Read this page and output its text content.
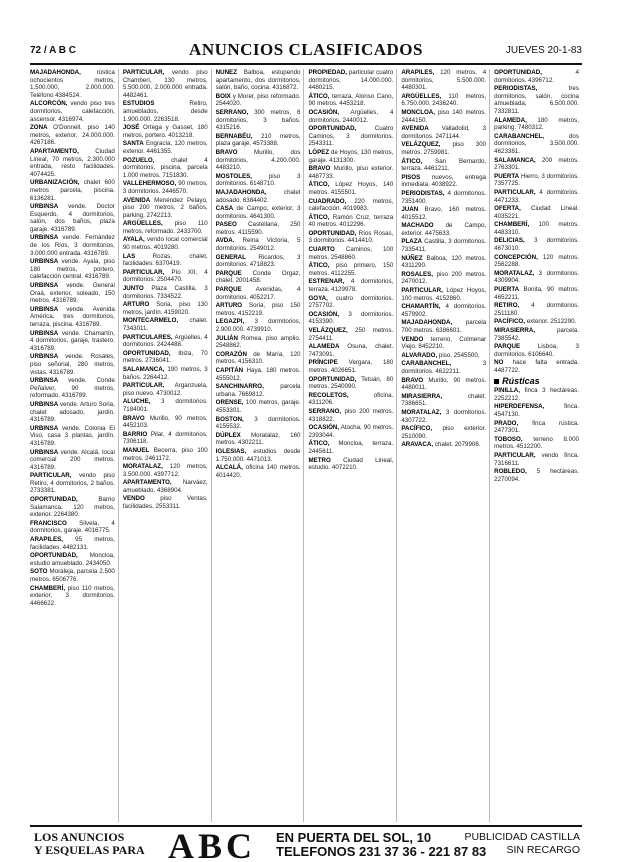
72 / A B C	ANUNCIOS CLASIFICADOS	JUEVES 20-1-83

MAJADAHONDA, rústica ochocientos metros, 1.500.000, 2.000.000. Teléfono 4384524.

ALCORCÓN, vendo piso tres dormitorios, calefacción, ascensor. 4316974.

ZONA O'Donnell, piso 140 metros, exterior, 24.000.000. 4267186.

APARTAMENTO, Ciudad Lineal, 70 metros, 2.300.000 entrada, resto facilidades. 4074425.

URBANIZACIÓN, chalet 600 metros parcela, piscina. 6136281.

URBINSA vende. Doctor Esquerdo, 4 dormitorios, salón, dos baños, plaza garaje. 4316789.

URBINSA vende. Fernández de los Ríos, 3 dormitorios, 3.000.000 entrada. 4316789.

URBINSA vende. Ayala, piso 180 metros, portero, calefacción central. 4316789.

URBINSA vende. General Oraá, exterior, soleado, 150 metros. 4316789.

URBINSA vende. Avenida América, tres dormitorios, terraza, piscina. 4316789.

URBINSA vende. Chamartín, 4 dormitorios, garaje, trastero. 4316789.

URBINSA vende. Rosales, piso señorial, 280 metros, vistas. 4316789.

URBINSA vende. Conde Peñalver, 90 metros, reformado. 4316789.

URBINSA vende. Arturo Soria, chalet adosado, jardín. 4316789.

URBINSA vende. Colonia El Viso, casa 3 plantas, jardín. 4316789.

URBINSA vende. Alcalá, local comercial 200 metros. 4316789.

PARTICULAR, vendo piso Retiro, 4 dormitorios, 2 baños. 2733381.

OPORTUNIDAD, Barrio Salamanca, 120 metros, exterior. 2264380.

FRANCISCO Silvela, 4 dormitorios, garaje. 4016775.

ARAPILES, 95 metros, facilidades. 4482131.

OPORTUNIDAD, Moncloa, estudio amueblado. 2434050.

SOTO Moraleja, parcela 2.500 metros. 6506776.

CHAMBERÍ, piso 110 metros, exterior, 3 dormitorios. 4466622.

PARTICULAR, vendo piso Chamberí, 130 metros, 5.500.000, 2.000.000 entrada. 4482461.

ESTUDIOS Retiro, amueblados, desde 1.900.000. 2263518.

JOSÉ Ortega y Gasset, 180 metros, portero. 4013218.

SANTA Engracia, 120 metros, exterior. 4461355.

POZUELO, chalet 4 dormitorios, piscina, parcela 1.000 metros. 7151830.

VALLEHERMOSO, 90 metros, 3 dormitorios. 2446570.

AVENIDA Menéndez Pelayo, piso 200 metros, 2 baños, parking. 2742213.

ARGÜELLES, piso 110 metros, reformado. 2433700.

AYALA, vendo local comercial 90 metros. 4019280.

LAS Rozas, chalet, facilidades. 6370419.

PARTICULAR, Pío XII, 4 dormitorios. 2504470.

JUNTO Plaza Castilla, 3 dormitorios. 7334522.

ARTURO Soria, piso 130 metros, jardín. 4159020.

MONTECARMELO, chalet. 7343011.

PARTICULARES, Argüelles, 4 dormitorios. 2424488.

OPORTUNIDAD, Ibiza, 70 metros. 2736041.

SALAMANCA, 190 metros, 3 baños. 2264412.

PARTICULAR, Arganzuela, piso nuevo. 4730012.

ALUCHE, 3 dormitorios. 7184001.

BRAVO Murillo, 90 metros. 4452103.

BARRIO Pilar, 4 dormitorios. 7306118.

MANUEL Becerra, piso 100 metros. 2461172.

MORATALAZ, 120 metros, 3.500.000. 4397712.

APARTAMENTO, Narváez, amueblado. 4368904.

VENDO piso Ventas, facilidades. 2553311.

NÚÑEZ Balboa, estupendo apartamento, dos dormitorios, salón, baño, cocina. 4316872.

BOIX y Morer, piso reformado. 2544020.

SERRANO, 300 metros, 6 dormitorios, 3 baños. 4315216.

BERNABÉU, 210 metros, plaza garaje. 4573388.

BRAVO Murillo, dos dormitorios, 4.200.000. 4483210.

MOSTOLES, piso 3 dormitorios. 6148710.

MAJADAHONDA, chalet adosado. 6384402.

CASA de Campo, exterior, 3 dormitorios. 4641300.

PASEO Castellana, 250 metros. 4115590.

AVDA. Reina Victoria, 5 dormitorios. 2549012.

GENERAL Ricardos, 3 dormitorios. 4718823.

PARQUE Conde Orgaz, chalet. 2001458.

PARQUE Avenidas, 4 dormitorios. 4052217.

ARTURO Soria, piso 150 metros. 4152219.

LEGAZPI, 3 dormitorios, 2.900.000. 4739910.

JULIÁN Romea, piso amplio. 2548862.

CORAZÓN de María, 120 metros. 4156310.

CAPITÁN Haya, 180 metros. 4555012.

SANCHINARRO, parcela urbana. 7669812.

ORENSE, 100 metros, garaje. 4553301.

BOSTON, 3 dormitorios. 4155532.

DÚPLEX Moratalaz, 160 metros. 4302211.

IGLESIAS, estudios desde 1.750.000. 4471013.

ALCALÁ, oficina 140 metros. 4014420.

PROPIEDAD, particular cuatro dormitorios, 14.000.000. 4480215.

ÁTICO, terraza, Alonso Cano, 90 metros. 4453218.

OCASIÓN, Argüelles, 4 dormitorios. 2440012.

OPORTUNIDAD, Cuatro Caminos, 3 dormitorios. 2543311.

LÓPEZ de Hoyos, 130 metros, garaje. 4131300.

BRAVO Murillo, piso exterior. 4487733.

ÁTICO, López Hoyos, 140 metros. 4155501.

CUADRADO, 220 metros, calefacción. 4019983.

ÁTICO, Ramón Cruz, terraza 40 metros. 4012296.

OPORTUNIDAD, Ríos Rosas, 3 dormitorios. 4414410.

CUARTO Caminos, 100 metros. 2548860.

ÁTICO, piso primero, 150 metros. 4112255.

ESTRENAR, 4 dormitorios, terraza. 4129978.

GOYA, cuatro dormitorios. 2757702.

OCASIÓN, 3 dormitorios. 4153390.

VELÁZQUEZ, 250 metros. 2754411.

ALAMEDA Osuna, chalet. 7473091.

PRÍNCIPE Vergara, 180 metros. 4026651.

OPORTUNIDAD, Tetuán, 80 metros. 2540090.

RECOLETOS, oficina. 4311206.

SERRANO, piso 200 metros. 4318822.

OCASIÓN, Atocha, 90 metros. 2393044.

ÁTICO, Moncloa, terraza. 2445611.

METRO Ciudad Lineal, estudio. 4072210.

ARAPILES, 120 metros, 4 dormitorios, 5.500.000. 4480301.

ARGÜELLES, 110 metros, 6.750.000. 2436240.

MONCLOA, piso 140 metros. 2444150.

AVENIDA Valladolid, 3 dormitorios. 2471144.

VELÁZQUEZ, piso 300 metros. 2759981.

ÁTICO, San Bernardo, terraza. 4461211.

PISOS nuevos, entrega inmediata. 4038922.

PERIODISTAS, 4 dormitorios. 7351400.

JUAN Bravo, 160 metros. 4015512.

MACHADO de Campo, exterior. 4475633.

PLAZA Castilla, 3 dormitorios. 7335411.

NÚÑEZ Balboa, 120 metros. 4311290.

ROSALES, piso 200 metros. 2470012.

PARTICULAR, López Hoyos, 100 metros. 4152860.

CHAMARTÍN, 4 dormitorios. 4579902.

MAJADAHONDA, parcela 700 metros. 6386601.

VENDO terreno, Colmenar Viejo. 8452210.

ALVARADO, piso. 2545500.

CARABANCHEL, 3 dormitorios. 4622211.

BRAVO Murillo, 90 metros. 4480011.

MIRASIERRA, chalet. 7386651.

MORATALAZ, 3 dormitorios. 4307722.

PACÍFICO, piso exterior. 2510090.

ARAVACA, chalet. 2079906.

OPORTUNIDAD, 4 dormitorios. 4396712.

PERIODISTAS, tres dormitorios, salón, cocina amueblada, 6.500.000. 7332811.

ALAMEDA, 180 metros, parking. 7480312.

CARABANCHEL, dos dormitorios, 3.500.000. 4623381.

SALAMANCA, 200 metros. 2763301.

PUERTA Hierro, 3 dormitorios. 7357725.

PARTICULAR, 4 dormitorios. 4471233.

OFERTA, Ciudad Lineal. 4035221.

CHAMBERÍ, 100 metros. 4483310.

DELICIAS, 3 dormitorios. 4673010.

CONCEPCIÓN, 120 metros. 2562288.

MORATALAZ, 3 dormitorios. 4309904.

PUERTA Bonita, 90 metros. 4652211.

RETIRO, 4 dormitorios. 2511180.

PACÍFICO, exterior. 2512290.

MIRASIERRA, parcela. 7385542.

PARQUE Lisboa, 3 dormitorios. 6106640.

NO hace falta entrada. 4487722.

Rústicas

PINILLA, finca 3 hectáreas. 2252212.

HIPERDEFENSA, finca. 4547130.

PRADO, finca rústica. 2477301.

TOBOSO, terreno 8.000 metros. 4512200.

PARTICULAR, vendo finca. 7316611.

ROBLEDO, 5 hectáreas. 2270094.

LOS ANUNCIOS
Y ESQUELAS PARA ABC EN PUERTA DEL SOL, 10
TELEFONOS 231 37 36 - 221 87 83
PUBLICIDAD CASTILLA
SIN RECARGO
